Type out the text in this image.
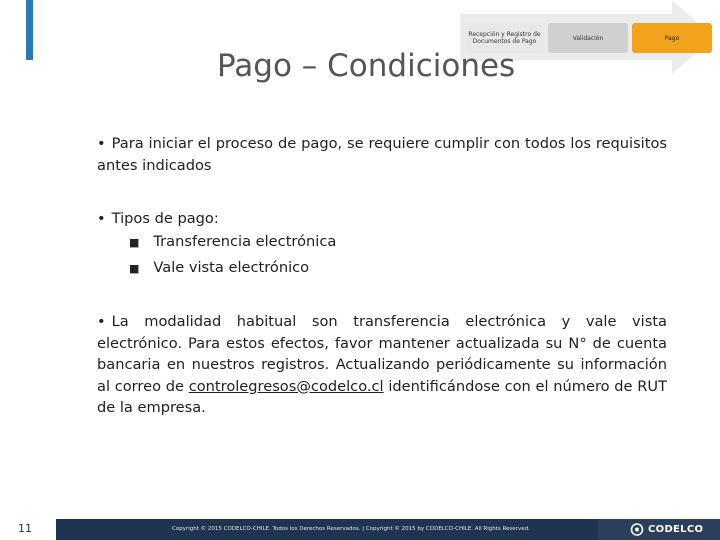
Recepción y Registro de Documentos de Pago	Validación	Pago
Pago – Condiciones

• Para iniciar el proceso de pago, se requiere cumplir con todos los requisitos antes indicados

• Tipos de pago:

■ Transferencia electrónica
■ Vale vista electrónico

• La modalidad habitual son transferencia electrónica y vale vista electrónico. Para estos efectos, favor mantener actualizada su N° de cuenta bancaria en nuestros registros. Actualizando periódicamente su información al correo de controlegresos@codelco.cl identificándose con el número de RUT de la empresa.

11	Copyright © 2015 CODELCO-CHILE. Todos los Derechos Reservados. | Copyright © 2015 by CODELCO-CHILE. All Rights Reserved.	CODELCO
